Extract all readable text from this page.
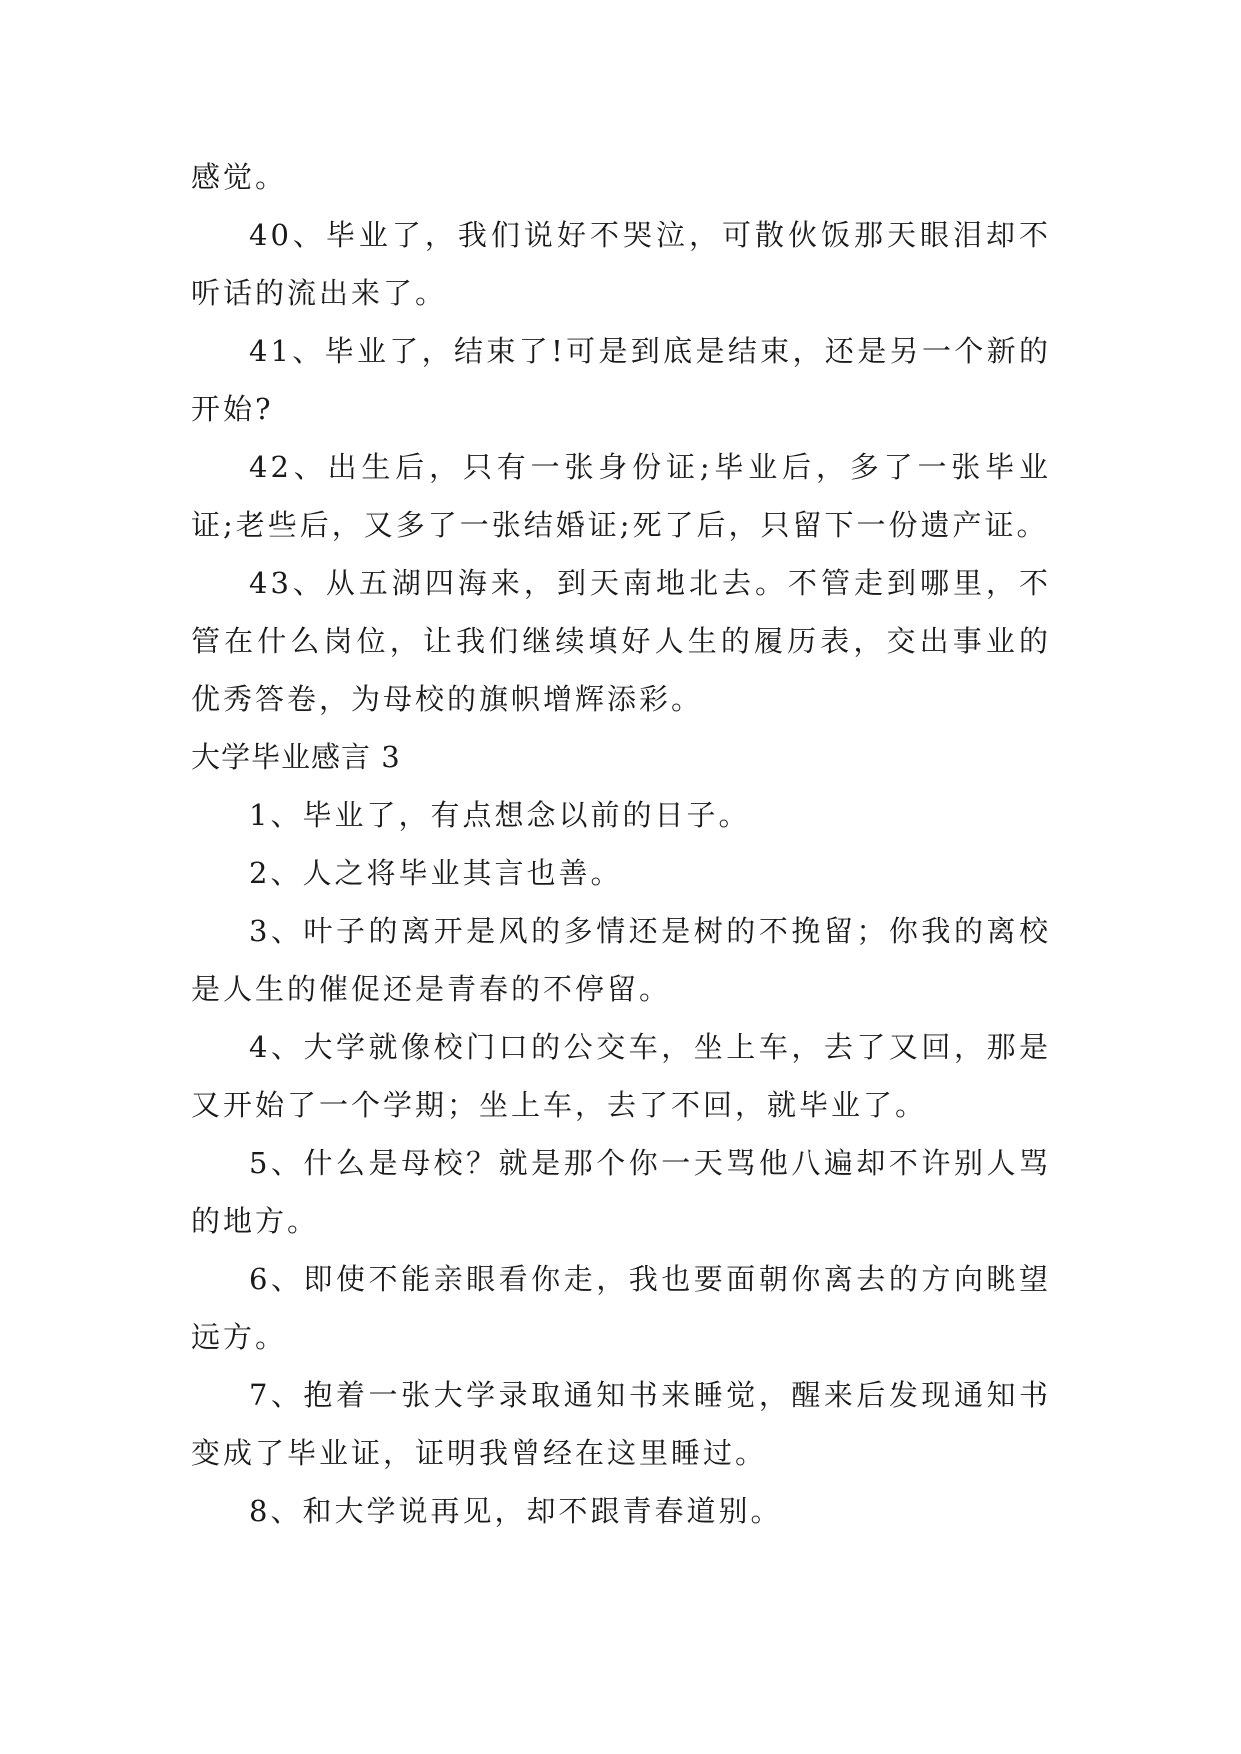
感觉。

40、毕业了，我们说好不哭泣，可散伙饭那天眼泪却不听话的流出来了。

41、毕业了，结束了!可是到底是结束，还是另一个新的开始?

42、出生后，只有一张身份证;毕业后，多了一张毕业证;老些后，又多了一张结婚证;死了后，只留下一份遗产证。

43、从五湖四海来，到天南地北去。不管走到哪里，不管在什么岗位，让我们继续填好人生的履历表，交出事业的优秀答卷，为母校的旗帜增辉添彩。

大学毕业感言 3

1、毕业了，有点想念以前的日子。

2、人之将毕业其言也善。

3、叶子的离开是风的多情还是树的不挽留；你我的离校是人生的催促还是青春的不停留。

4、大学就像校门口的公交车，坐上车，去了又回，那是又开始了一个学期；坐上车，去了不回，就毕业了。

5、什么是母校？就是那个你一天骂他八遍却不许别人骂的地方。

6、即使不能亲眼看你走，我也要面朝你离去的方向眺望远方。

7、抱着一张大学录取通知书来睡觉，醒来后发现通知书变成了毕业证，证明我曾经在这里睡过。

8、和大学说再见，却不跟青春道别。
